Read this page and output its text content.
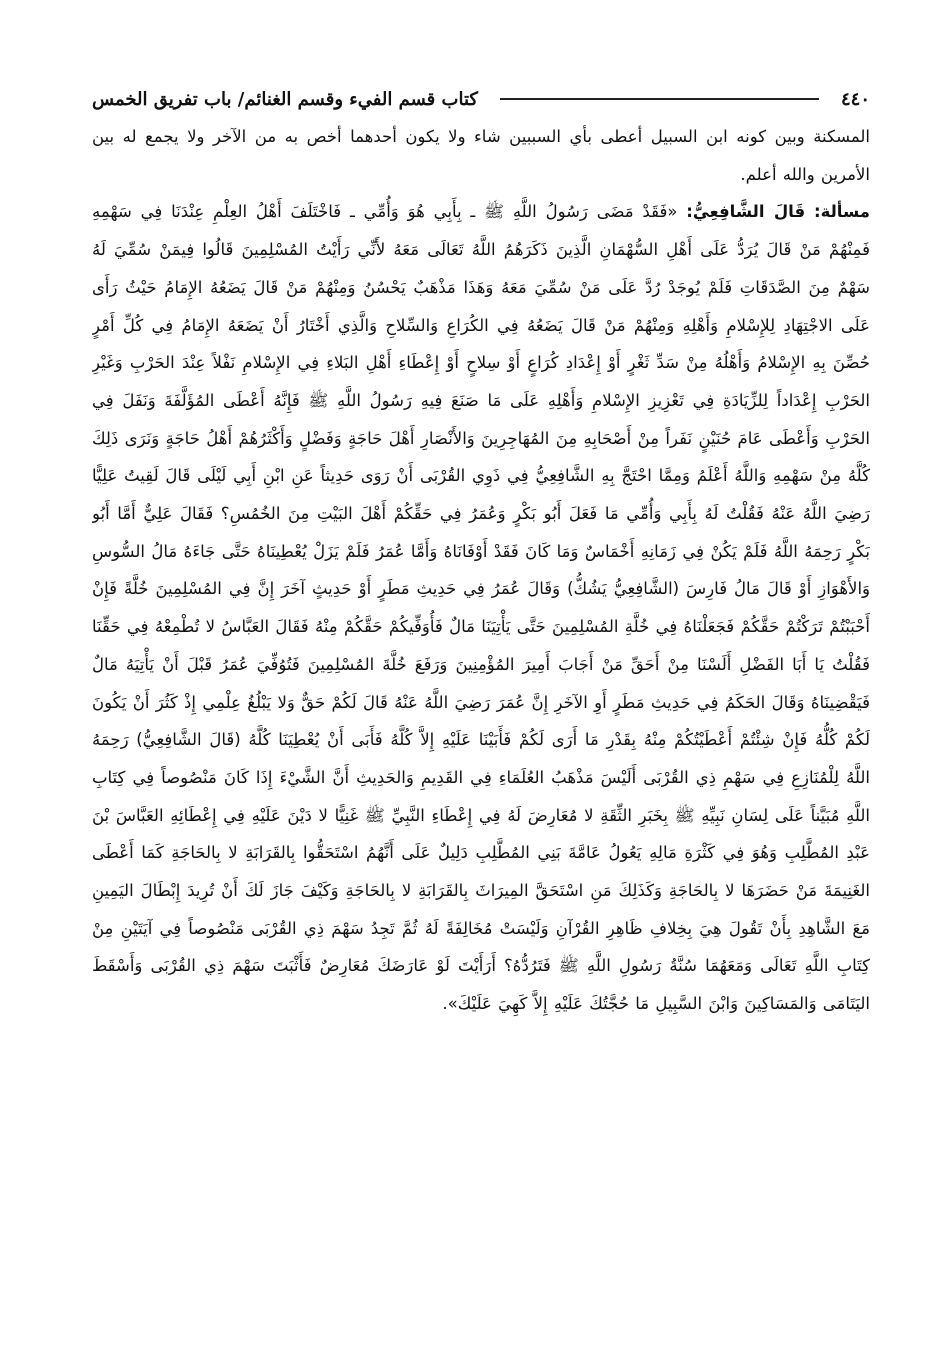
٤٤٠
كتاب قسم الفيء وقسم الغنائم/ باب تفريق الخمس

المسكنة وبين كونه ابن السبيل أعطى بأي السببين شاء ولا يكون أحدهما أخص به من الآخر ولا يجمع له بين الأمرين والله أعلم.

مسألة: قَالَ الشَّافِعِيُّ: «فَقَدْ مَضَى رَسُولُ اللَّهِ ﷺ ـ بِأَبِي هُوَ وَأُمِّي ـ فَاخْتَلَفَ أَهْلُ العِلْمِ عِنْدَنَا فِي سَهْمِهِ فَمِنْهُمْ مَنْ قَالَ يُرَدُّ عَلَى أَهْلِ السُّهْمَانِ الَّذِينَ ذَكَرَهُمُ اللَّهُ تَعَالَى مَعَهُ لأَنِّي رَأَيْتُ المُسْلِمِينَ قَالُوا فِيمَنْ سُمِّيَ لَهُ سَهْمٌ مِنَ الصَّدَقَاتِ فَلَمْ يُوجَدْ رُدَّ عَلَى مَنْ سُمِّيَ مَعَهُ وَهَذَا مَذْهَبٌ يَحْسُنُ وَمِنْهُمْ مَنْ قَالَ يَضَعُهُ الإِمَامُ حَيْثُ رَأَى عَلَى الاجْتِهَادِ لِلإِسْلامِ وَأَهْلِهِ وَمِنْهُمْ مَنْ قَالَ يَضَعُهُ فِي الكُرَاعِ وَالسِّلاحِ وَالَّذِي أَخْتَارُ أَنْ يَضَعَهُ الإِمَامُ فِي كُلِّ أَمْرٍ حُصِّنَ بِهِ الإِسْلامُ وَأَهْلُهُ مِنْ سَدِّ ثَغْرٍ أَوْ إِعْدَادِ كُرَاعٍ أَوْ سِلاحٍ أَوْ إِعْطَاءِ أَهْلِ البَلاءِ فِي الإِسْلامِ نَفْلاً عِنْدَ الحَرْبِ وَغَيْرِ الحَرْبِ إِعْدَاداً لِلزِّيَادَةِ فِي تَعْزِيزِ الإِسْلامِ وَأَهْلِهِ عَلَى مَا صَنَعَ فِيهِ رَسُولُ اللَّهِ ﷺ فَإِنَّهُ أَعْطَى المُؤَلَّفَةَ وَنَفَلَ فِي الحَرْبِ وَأَعْطَى عَامَ حُنَيْنٍ نَفَراً مِنْ أَصْحَابِهِ مِنَ المُهَاجِرِينَ وَالأَنْصَارِ أَهْلَ حَاجَةٍ وَفَضْلٍ وَأَكْثَرُهُمْ أَهْلُ حَاجَةٍ وَنَرَى ذَلِكَ كُلَّهُ مِنْ سَهْمِهِ وَاللَّهُ أَعْلَمُ وَمِمَّا احْتَجَّ بِهِ الشَّافِعِيُّ فِي ذَوِي القُرْبَى أَنْ رَوَى حَدِيثاً عَنِ ابْنِ أَبِي لَيْلَى قَالَ لَقِيتُ عَلِيًّا رَضِيَ اللَّهُ عَنْهُ فَقُلْتُ لَهُ بِأَبِي وَأُمِّي مَا فَعَلَ أَبُو بَكْرٍ وَعُمَرُ فِي حَقِّكُمْ أَهْلَ البَيْتِ مِنَ الخُمُسِ؟ فَقَالَ عَلِيٌّ أَمَّا أَبُو بَكْرٍ رَحِمَهُ اللَّهُ فَلَمْ يَكُنْ فِي زَمَانِهِ أَخْمَاسٌ وَمَا كَانَ فَقَدْ أَوْفَانَاهُ وَأَمَّا عُمَرُ فَلَمْ يَزَلْ يُعْطِينَاهُ حَتَّى جَاءَهُ مَالُ السُّوسِ وَالأَهْوَازِ أَوْ قَالَ مَالُ فَارِسَ (الشَّافِعِيُّ يَشُكُّ) وَقَالَ عُمَرُ فِي حَدِيثِ مَطَرٍ أَوْ حَدِيثٍ آخَرَ إِنَّ فِي المُسْلِمِينَ خُلَّةً فَإِنْ أَحْبَبْتُمْ تَرَكْتُمْ حَقَّكُمْ فَجَعَلْنَاهُ فِي خُلَّةِ المُسْلِمِينَ حَتَّى يَأْتِيَنَا مَالٌ فَأُوَفِّيكُمْ حَقَّكُمْ مِنْهُ فَقَالَ العَبَّاسُ لا تُطْمِعْهُ فِي حَقِّنَا فَقُلْتُ يَا أَبَا الفَضْلِ أَلَسْنَا مِنْ أَحَقِّ مَنْ أَجَابَ أَمِيرَ المُؤْمِنِينَ وَرَفَعَ خُلَّةَ المُسْلِمِينَ فَتُوُفِّيَ عُمَرُ قَبْلَ أَنْ يَأْتِيَهُ مَالٌ فَيَقْضِينَاهُ وَقَالَ الحَكَمُ فِي حَدِيثِ مَطَرٍ أَوِ الآخَرِ إِنَّ عُمَرَ رَضِيَ اللَّهُ عَنْهُ قَالَ لَكُمْ حَقٌّ وَلا يَبْلُغُ عِلْمِي إِذْ كَثُرَ أَنْ يَكُونَ لَكُمْ كُلُّهُ فَإِنْ شِئْتُمْ أَعْطَيْتُكُمْ مِنْهُ بِقَدْرِ مَا أَرَى لَكُمْ فَأَبَيْنَا عَلَيْهِ إِلاَّ كُلَّهُ فَأَبَى أَنْ يُعْطِيَنَا كُلَّهُ (قَالَ الشَّافِعِيُّ) رَحِمَهُ اللَّهُ لِلْمُنَازِعِ فِي سَهْمِ ذِي القُرْبَى أَلَيْسَ مَذْهَبُ العُلَمَاءِ فِي القَدِيمِ وَالحَدِيثِ أَنَّ الشَّيْءَ إِذَا كَانَ مَنْصُوصاً فِي كِتَابِ اللَّهِ مُبَيَّناً عَلَى لِسَانِ نَبِيِّهِ ﷺ بِخَبَرِ الثِّقَةِ لا مُعَارِضَ لَهُ فِي إِعْطَاءِ النَّبِيِّ ﷺ غَنِيًّا لا دَيْنَ عَلَيْهِ فِي إِعْطَائِهِ العَبَّاسَ بْنَ عَبْدِ المُطَّلِبِ وَهُوَ فِي كَثْرَةِ مَالِهِ يَعُولُ عَامَّةَ بَنِي المُطَّلِبِ دَلِيلٌ عَلَى أَنَّهُمُ اسْتَحَقُّوا بِالقَرَابَةِ لا بِالحَاجَةِ كَمَا أَعْطَى الغَنِيمَةَ مَنْ حَضَرَهَا لا بِالحَاجَةِ وَكَذَلِكَ مَنِ اسْتَحَقَّ المِيرَاثَ بِالقَرَابَةِ لا بِالحَاجَةِ وَكَيْفَ جَازَ لَكَ أَنْ تُرِيدَ إِبْطَالَ اليَمِينِ مَعَ الشَّاهِدِ بِأَنْ تَقُولَ هِيَ بِخِلافِ ظَاهِرِ القُرْآنِ وَلَيْسَتْ مُخَالِفَةً لَهُ ثُمَّ تَجِدُ سَهْمَ ذِي القُرْبَى مَنْصُوصاً فِي آيَتَيْنِ مِنْ كِتَابِ اللَّهِ تَعَالَى وَمَعَهُمَا سُنَّةُ رَسُولِ اللَّهِ ﷺ فَتَرُدُّهُ؟ أَرَأَيْتَ لَوْ عَارَضَكَ مُعَارِضٌ فَأَثْبَتَ سَهْمَ ذِي القُرْبَى وَأَسْقَطَ اليَتَامَى وَالمَسَاكِينَ وَابْنَ السَّبِيلِ مَا حُجَّتُكَ عَلَيْهِ إِلاَّ كَهِيَ عَلَيْكَ».
